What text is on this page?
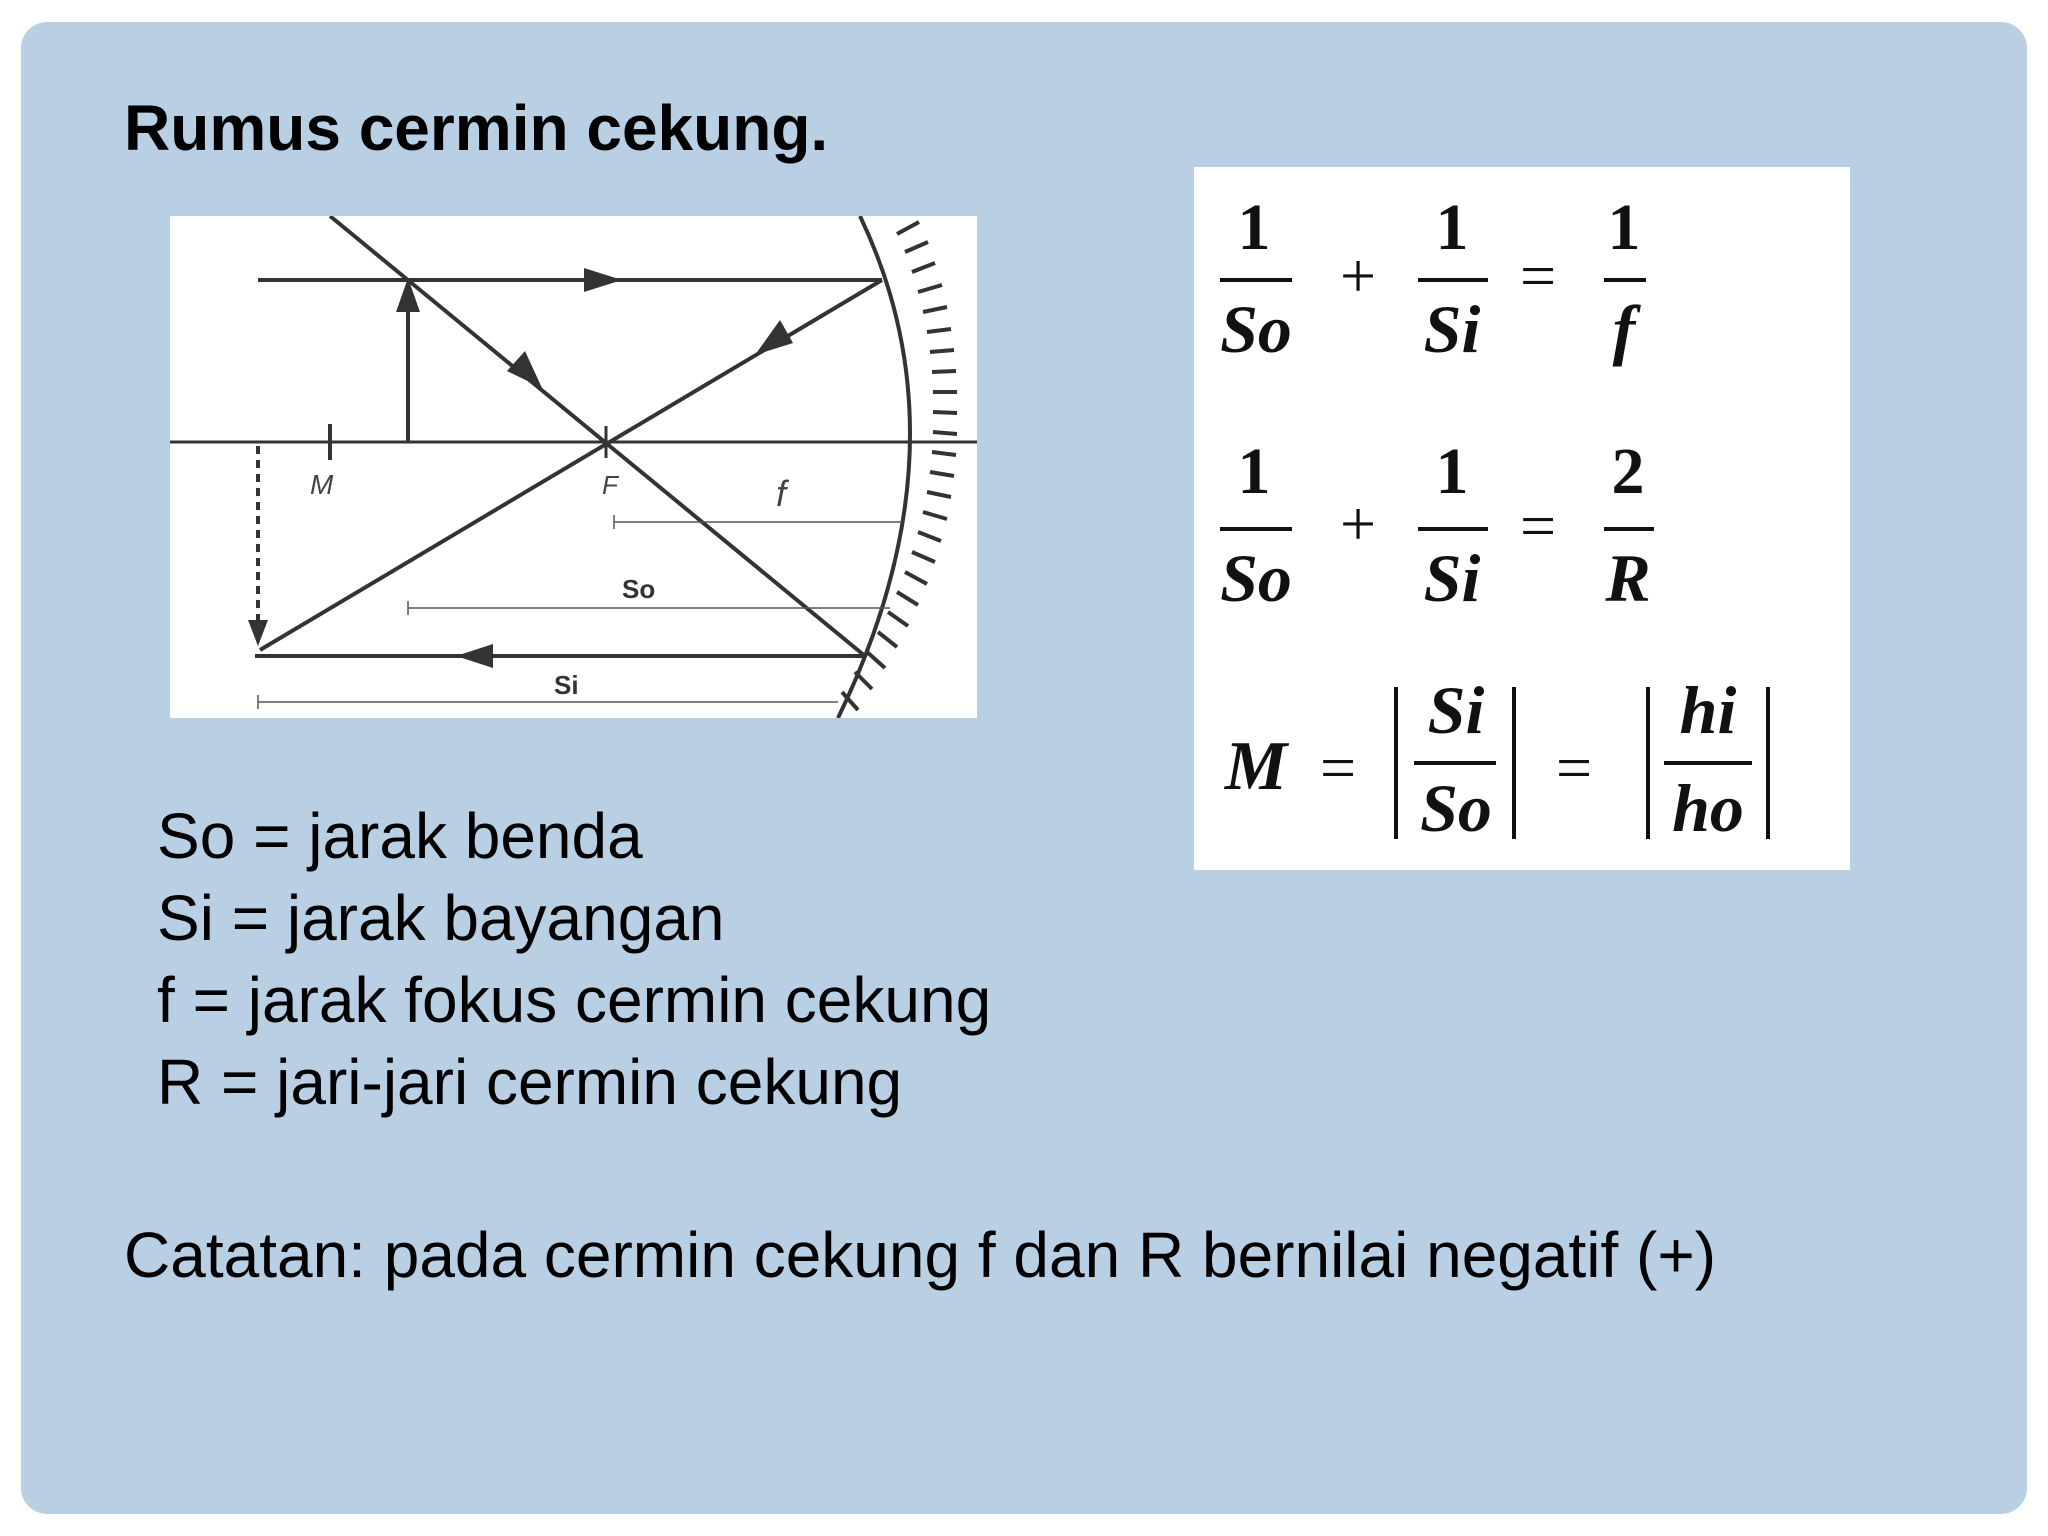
Rumus cermin cekung.
M	F	f
So
Si
1
So
+
1
Si
=
1
f
1
So
+
1
Si
=
2
R
M =
Si
So
=
hi
ho
So = jarak benda
Si = jarak bayangan
f = jarak fokus cermin cekung
R = jari-jari cermin cekung
Catatan: pada cermin cekung f dan R bernilai negatif (+)
